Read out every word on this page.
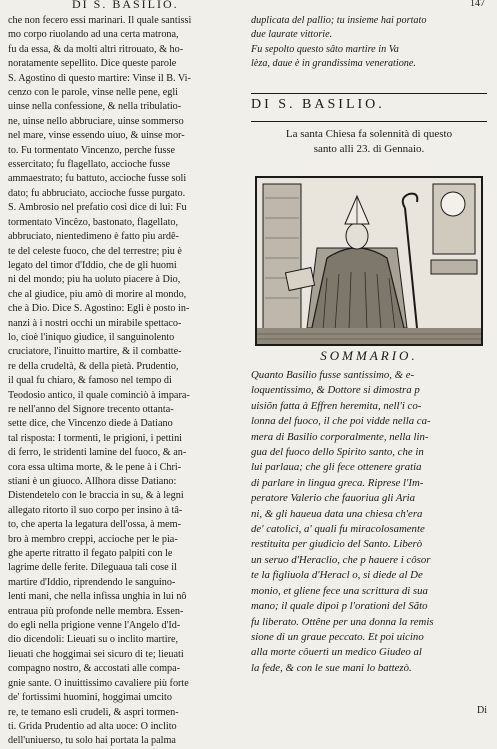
DI S. BASILIO.	147
che non fecero essi marinari. Il quale santissi
mo corpo riuolando ad una certa matrona,
fu da essa, & da molti altri ritrouato, & ho-
noratamente sepellito. Dice queste parole
S. Agostino di questo martire: Vinse il B. Vi-
cenzo con le parole, vinse nelle pene, egli
uinse nella confessione, & nella tribulatio-
ne, uinse nello abbruciare, uinse sommerso
nel mare, vinse essendo uiuo, & uinse mor-
to. Fu tormentato Vincenzo, perche fusse
essercitato; fu flagellato, accioche fusse
ammaestrato; fu battuto, accioche fusse soli
dato; fu abbruciato, accioche fusse purgato.
S. Ambrosio nel prefatio così dice di lui: Fu
tormentato Vincêzo, bastonato, flagellato,
abbruciato, nientedimeno è fatto piu ardê-
te del celeste fuoco, che del terrestre; piu è
legato del timor d'Iddio, che de gli huomi
ni del mondo; piu ha uoluto piacere à Dio,
che al giudice, piu amò di morire al mondo,
che à Dio. Dice S. Agostino: Egli è posto in-
nanzi à i nostri occhi un mirabile spettaco-
lo, cioè l'iniquo giudice, il sanguinolento
cruciatore, l'inuitto martire, & il combatte-
re della crudeltà, & della pietà. Prudentio,
il qual fu chiaro, & famoso nel tempo di
Teodosio antico, il quale cominciò à impara-
re nell'anno del Signore trecento ottanta-
sette dice, che Vincenzo diede à Datiano
tal risposta: I tormenti, le prigioni, i pettini
di ferro, le stridenti lamine del fuoco, & an-
cora essa ultima morte, & le pene à i Chri-
stiani è un giuoco. Allhora disse Datiano:
Distendetelo con le braccia in su, & à legni
allegato ritorto il suo corpo per insino à tâ-
to, che aperta la legatura dell'ossa, à mem-
bro à membro creppi, accioche per le pia-
ghe aperte ritratto il fegato palpiti con le
lagrime delle ferite. Dileguaua tali cose il
martire d'Iddio, riprendendo le sanguino-
lenti mani, che nella infissa unghia in lui nô
entraua più profonde nelle membra. Essen-
do egli nella prigione venne l'Angelo d'Id-
dio dicendoli: Lieuati su o inclito martire,
lieuati che hoggimai sei sicuro di te; lieuati
compagno nostro, & accostati alle compa-
gnie sante. O inuittissimo cavaliere più forte
de' fortissimi huomini, hoggimai umcito
re, te temano esli crudeli, & aspri tormen-
ti. Grida Prudentio ad alta uoce: O inclito
dell'uniuerso, tu solo hai portata la palma
duplicata del pallio; tu insieme hai portato
due laurate vittorie.
Fu sepolto questo sâto martire in Va
lèza, daue è in grandissima veneratione.
DI S. BASILIO.
La santa Chiesa fa solennità di questo
santo alli 23. di Gennaio.
SOMMARIO.
Quanto Basilio fusse santissimo, & e-
loquentissimo, & Dottore si dimostra p
uisiõn fatta à Effren heremita, nell'i co-
lonna del fuoco, il che poi vidde nella ca-
mera di Basilio corporalmente, nella lin-
gua del fuoco dello Spirito santo, che in
lui parlaua; che gli fece ottenere gratia
di parlare in lingua greca. Riprese l'Im-
peratore Valerio che fauoriua gli Aria
ni, & gli haueua data una chiesa ch'era
de' catolici, a' quali fu miracolosamente
restituita per giudicio del Santo. Liberò
un seruo d'Heraclio, che p hauere i côsor
te la figliuola d'Heracl o, si diede al De
monio, et gliene fece una scrittura di sua
mano; il quale dipoi p l'orationi del Sãto
fu liberato. Ottêne per una donna la remis
sione di un graue peccato. Et poi uicino
alla morte côuertì un medico Giudeo al
la fede, & con le sue mani lo battezò.
Di
